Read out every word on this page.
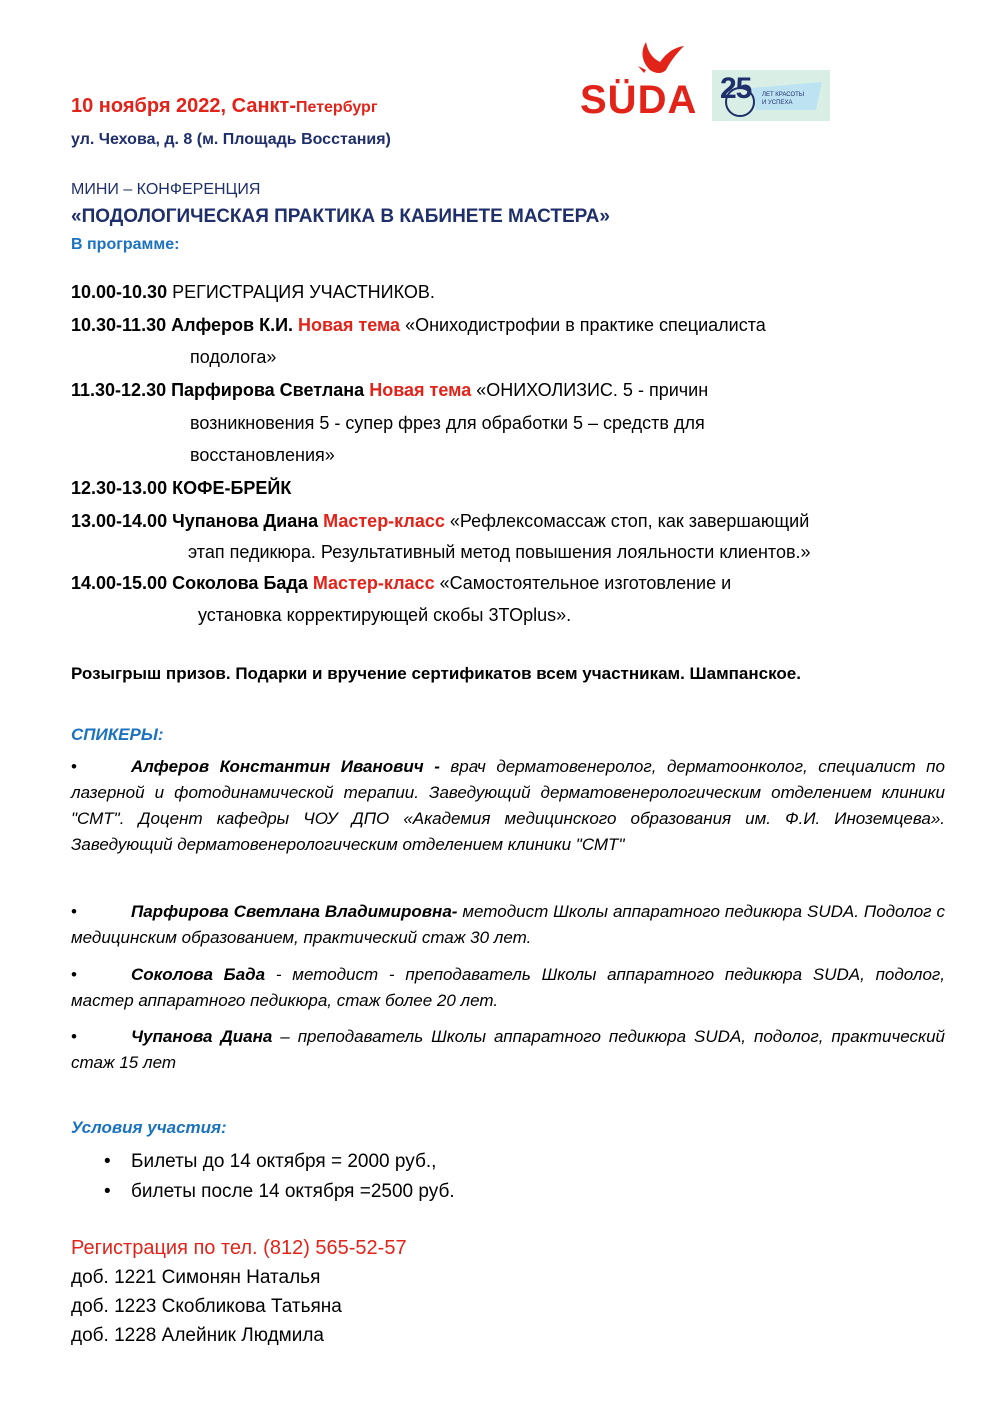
10 ноября 2022, Санкт-Петербург
ул. Чехова, д. 8 (м. Площадь Восстания)
SÜDA 25 ЛЕТ КРАСОТЫ
И УСПЕХА
МИНИ – КОНФЕРЕНЦИЯ
«ПОДОЛОГИЧЕСКАЯ ПРАКТИКА В КАБИНЕТЕ МАСТЕРА»
В программе:
10.00-10.30 РЕГИСТРАЦИЯ УЧАСТНИКОВ.
10.30-11.30 Алферов К.И. Новая тема «Ониходистрофии в практике специалиста
подолога»
11.30-12.30 Парфирова Светлана Новая тема «ОНИХОЛИЗИС. 5 - причин
возникновения 5 - супер фрез для обработки 5 – средств для
восстановления»
12.30-13.00 КОФЕ-БРЕЙК
13.00-14.00 Чупанова Диана Мастер-класс «Рефлексомассаж стоп, как завершающий
этап педикюра. Результативный метод повышения лояльности клиентов.»
14.00-15.00 Соколова Бада Мастер-класс «Самостоятельное изготовление и
установка корректирующей скобы 3TOplus».
Розыгрыш призов. Подарки и вручение сертификатов всем участникам. Шампанское.
СПИКЕРЫ:
•	Алферов Константин Иванович - врач дерматовенеролог, дерматоонколог, специалист по лазерной и фотодинамической терапии. Заведующий дерматовенерологическим отделением клиники "СМТ". Доцент кафедры ЧОУ ДПО «Академия медицинского образования им. Ф.И. Иноземцева». Заведующий дерматовенерологическим отделением клиники "СМТ"
•	Парфирова Светлана Владимировна- методист Школы аппаратного педикюра SUDA. Подолог с медицинским образованием, практический стаж 30 лет.
•	Соколова Бада - методист - преподаватель Школы аппаратного педикюра SUDA, подолог, мастер аппаратного педикюра, стаж более 20 лет.
•	Чупанова Диана – преподаватель Школы аппаратного педикюра SUDA, подолог, практический стаж 15 лет
Условия участия:
• Билеты до 14 октября = 2000 руб.,
• билеты после 14 октября =2500 руб.
Регистрация по тел. (812) 565-52-57
доб. 1221 Симонян Наталья
доб. 1223 Скобликова Татьяна
доб. 1228 Алейник Людмила
